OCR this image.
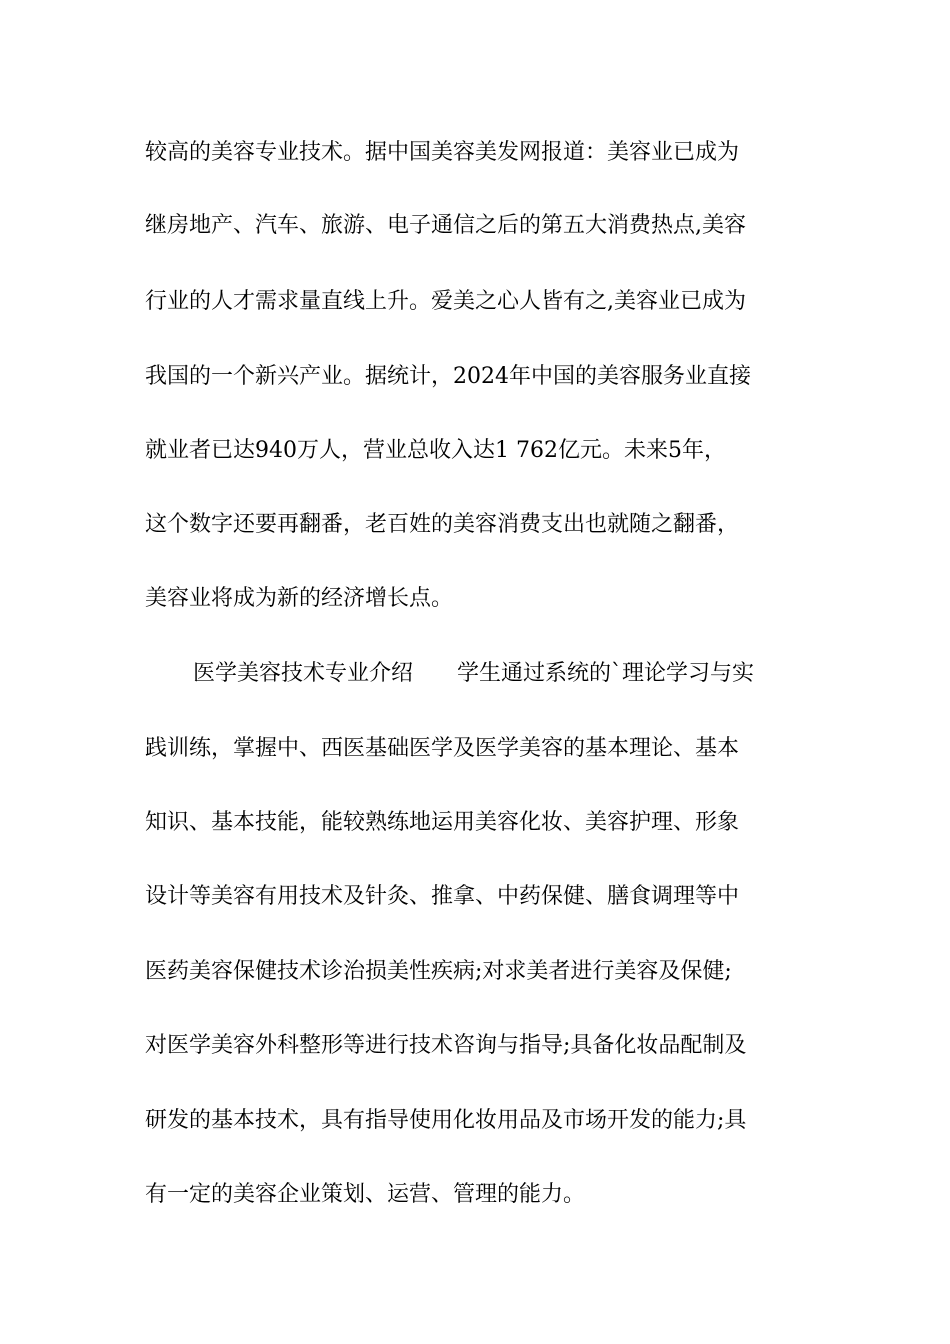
较高的美容专业技术。据中国美容美发网报道：美容业已成为
继房地产、汽车、旅游、电子通信之后的第五大消费热点,美容
行业的人才需求量直线上升。爱美之心人皆有之,美容业已成为
我国的一个新兴产业。据统计，2024年中国的美容服务业直接
就业者已达940万人，营业总收入达1 762亿元。未来5年，
这个数字还要再翻番，老百姓的美容消费支出也就随之翻番，
美容业将成为新的经济增长点。
医学美容技术专业介绍　　学生通过系统的`理论学习与实
践训练，掌握中、西医基础医学及医学美容的基本理论、基本
知识、基本技能，能较熟练地运用美容化妆、美容护理、形象
设计等美容有用技术及针灸、推拿、中药保健、膳食调理等中
医药美容保健技术诊治损美性疾病;对求美者进行美容及保健;
对医学美容外科整形等进行技术咨询与指导;具备化妆品配制及
研发的基本技术，具有指导使用化妆用品及市场开发的能力;具
有一定的美容企业策划、运营、管理的能力。
